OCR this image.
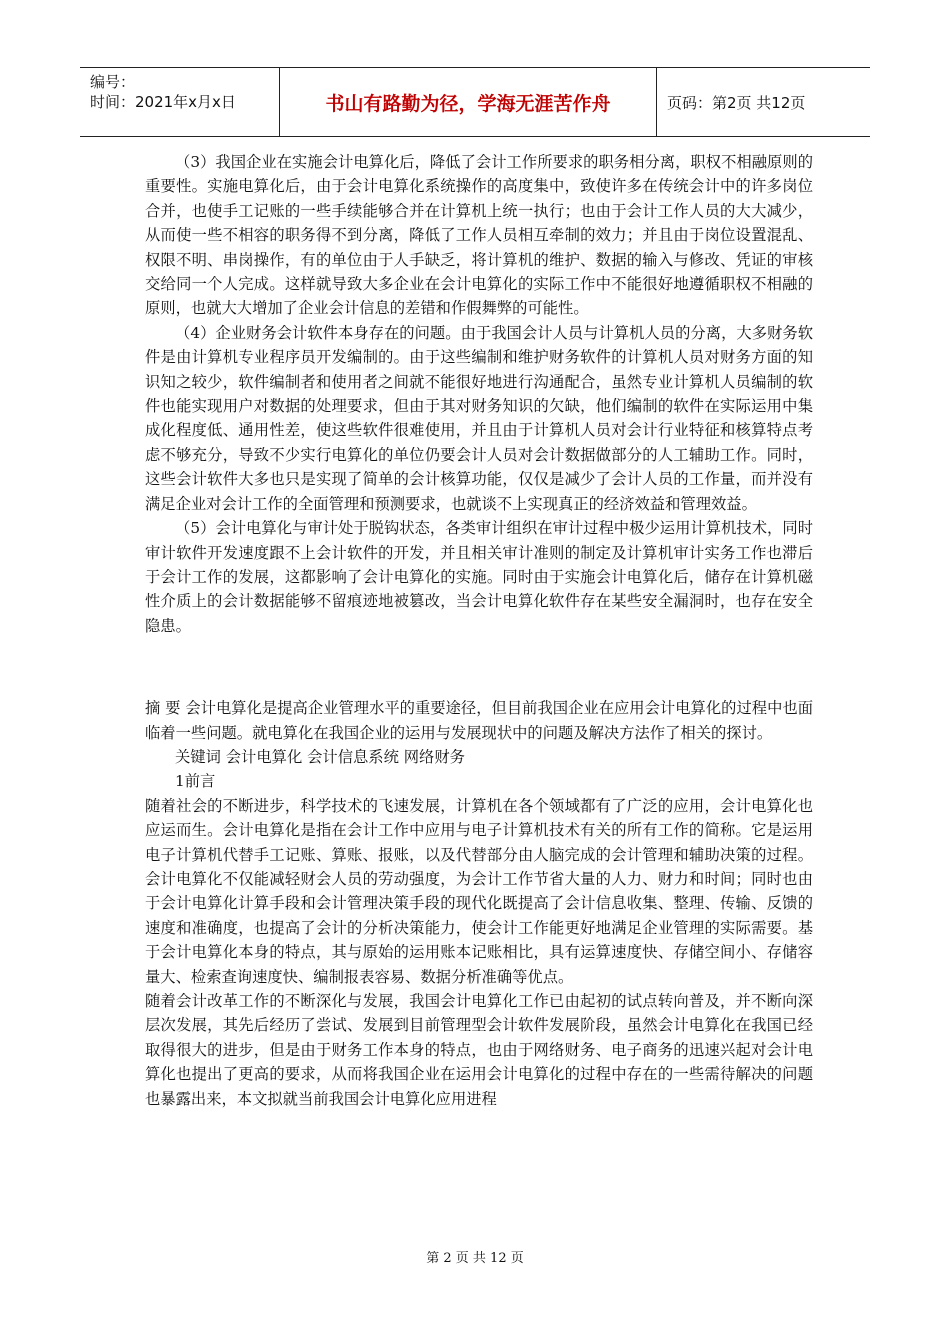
编号：
时间：2021年x月x日	书山有路勤为径，学海无涯苦作舟	页码：第2页 共12页

（3）我国企业在实施会计电算化后，降低了会计工作所要求的职务相分离，职权不相融原则的重要性。实施电算化后，由于会计电算化系统操作的高度集中，致使许多在传统会计中的许多岗位合并，也使手工记账的一些手续能够合并在计算机上统一执行；也由于会计工作人员的大大减少，从而使一些不相容的职务得不到分离，降低了工作人员相互牵制的效力；并且由于岗位设置混乱、权限不明、串岗操作，有的单位由于人手缺乏，将计算机的维护、数据的输入与修改、凭证的审核交给同一个人完成。这样就导致大多企业在会计电算化的实际工作中不能很好地遵循职权不相融的原则，也就大大增加了企业会计信息的差错和作假舞弊的可能性。

（4）企业财务会计软件本身存在的问题。由于我国会计人员与计算机人员的分离，大多财务软件是由计算机专业程序员开发编制的。由于这些编制和维护财务软件的计算机人员对财务方面的知识知之较少，软件编制者和使用者之间就不能很好地进行沟通配合，虽然专业计算机人员编制的软件也能实现用户对数据的处理要求，但由于其对财务知识的欠缺，他们编制的软件在实际运用中集成化程度低、通用性差，使这些软件很难使用，并且由于计算机人员对会计行业特征和核算特点考虑不够充分，导致不少实行电算化的单位仍要会计人员对会计数据做部分的人工辅助工作。同时，这些会计软件大多也只是实现了简单的会计核算功能，仅仅是减少了会计人员的工作量，而并没有满足企业对会计工作的全面管理和预测要求，也就谈不上实现真正的经济效益和管理效益。

（5）会计电算化与审计处于脱钩状态，各类审计组织在审计过程中极少运用计算机技术，同时审计软件开发速度跟不上会计软件的开发，并且相关审计准则的制定及计算机审计实务工作也滞后于会计工作的发展，这都影响了会计电算化的实施。同时由于实施会计电算化后，储存在计算机磁性介质上的会计数据能够不留痕迹地被篡改，当会计电算化软件存在某些安全漏洞时，也存在安全隐患。

摘 要 会计电算化是提高企业管理水平的重要途径，但目前我国企业在应用会计电算化的过程中也面临着一些问题。就电算化在我国企业的运用与发展现状中的问题及解决方法作了相关的探讨。

关键词 会计电算化 会计信息系统 网络财务

1前言

随着社会的不断进步，科学技术的飞速发展，计算机在各个领域都有了广泛的应用，会计电算化也应运而生。会计电算化是指在会计工作中应用与电子计算机技术有关的所有工作的简称。它是运用电子计算机代替手工记账、算账、报账，以及代替部分由人脑完成的会计管理和辅助决策的过程。会计电算化不仅能减轻财会人员的劳动强度，为会计工作节省大量的人力、财力和时间；同时也由于会计电算化计算手段和会计管理决策手段的现代化既提高了会计信息收集、整理、传输、反馈的速度和准确度，也提高了会计的分析决策能力，使会计工作能更好地满足企业管理的实际需要。基于会计电算化本身的特点，其与原始的运用账本记账相比，具有运算速度快、存储空间小、存储容量大、检索查询速度快、编制报表容易、数据分析准确等优点。

随着会计改革工作的不断深化与发展，我国会计电算化工作已由起初的试点转向普及，并不断向深层次发展，其先后经历了尝试、发展到目前管理型会计软件发展阶段，虽然会计电算化在我国已经取得很大的进步，但是由于财务工作本身的特点，也由于网络财务、电子商务的迅速兴起对会计电算化也提出了更高的要求，从而将我国企业在运用会计电算化的过程中存在的一些需待解决的问题也暴露出来，本文拟就当前我国会计电算化应用进程

第 2 页 共 12 页
